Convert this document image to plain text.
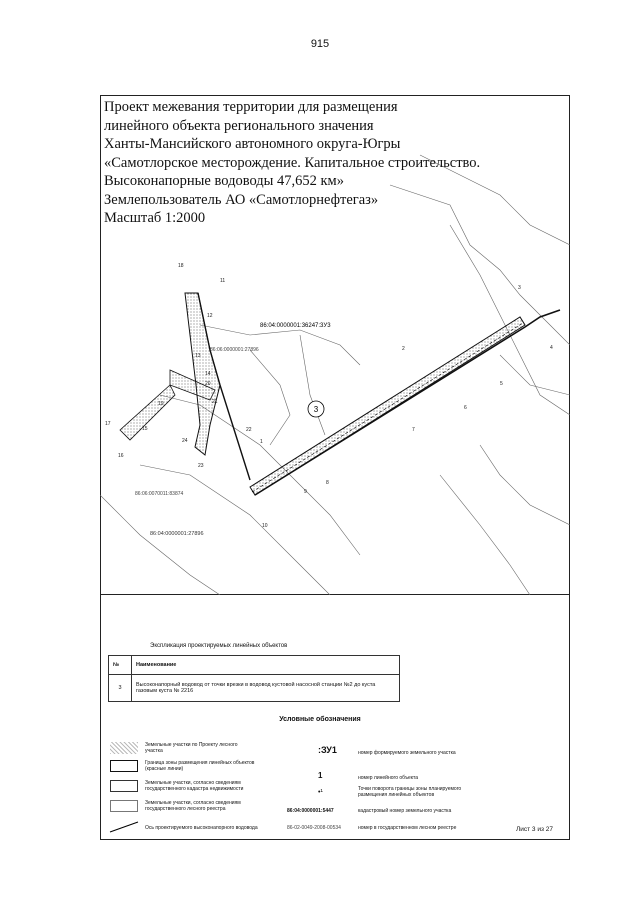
915
3
86:04:0000001:36247:3У3
86:06:0000001:27896
86:06:0070011:83874
86:04:0000001:27896
18
11
12
13
14
20
19	21
17
15
16
24
23
22
1
10
2
3
4
5
6
7
8
9
Проект межевания территории для размещения
линейного объекта регионального значения
Ханты-Мансийского автономного округа-Югры
«Самотлорское месторождение. Капитальное строительство.
Высоконапорные водоводы 47,652 км»
Землепользователь АО «Самотлорнефтегаз»
Масштаб 1:2000
Экспликация проектируемых линейных объектов
№	Наименование
3	Высоконапорный водовод от точки врезки в водовод кустовой насосной станции №2 до куста газовым куста № 2216
Условные обозначения
Земельные участки по Проекту лесного участка
Граница зоны размещения линейных объектов (красные линии)
Земельные участки, согласно сведениям государственного кадастра недвижимости
Земельные участки, согласно сведениям государственного лесного реестра
Ось проектируемого высоконапорного водовода
:ЗУ1	номер формируемого земельного участка
1	номер линейного объекта
•¹	Точки поворота границы зоны планируемого размещения линейных объектов
86:04:0000001:5447	кадастровый номер земельного участка
86-02-0049-2008-00534	номер в государственном лесном реестре	Лист 3 из 27
